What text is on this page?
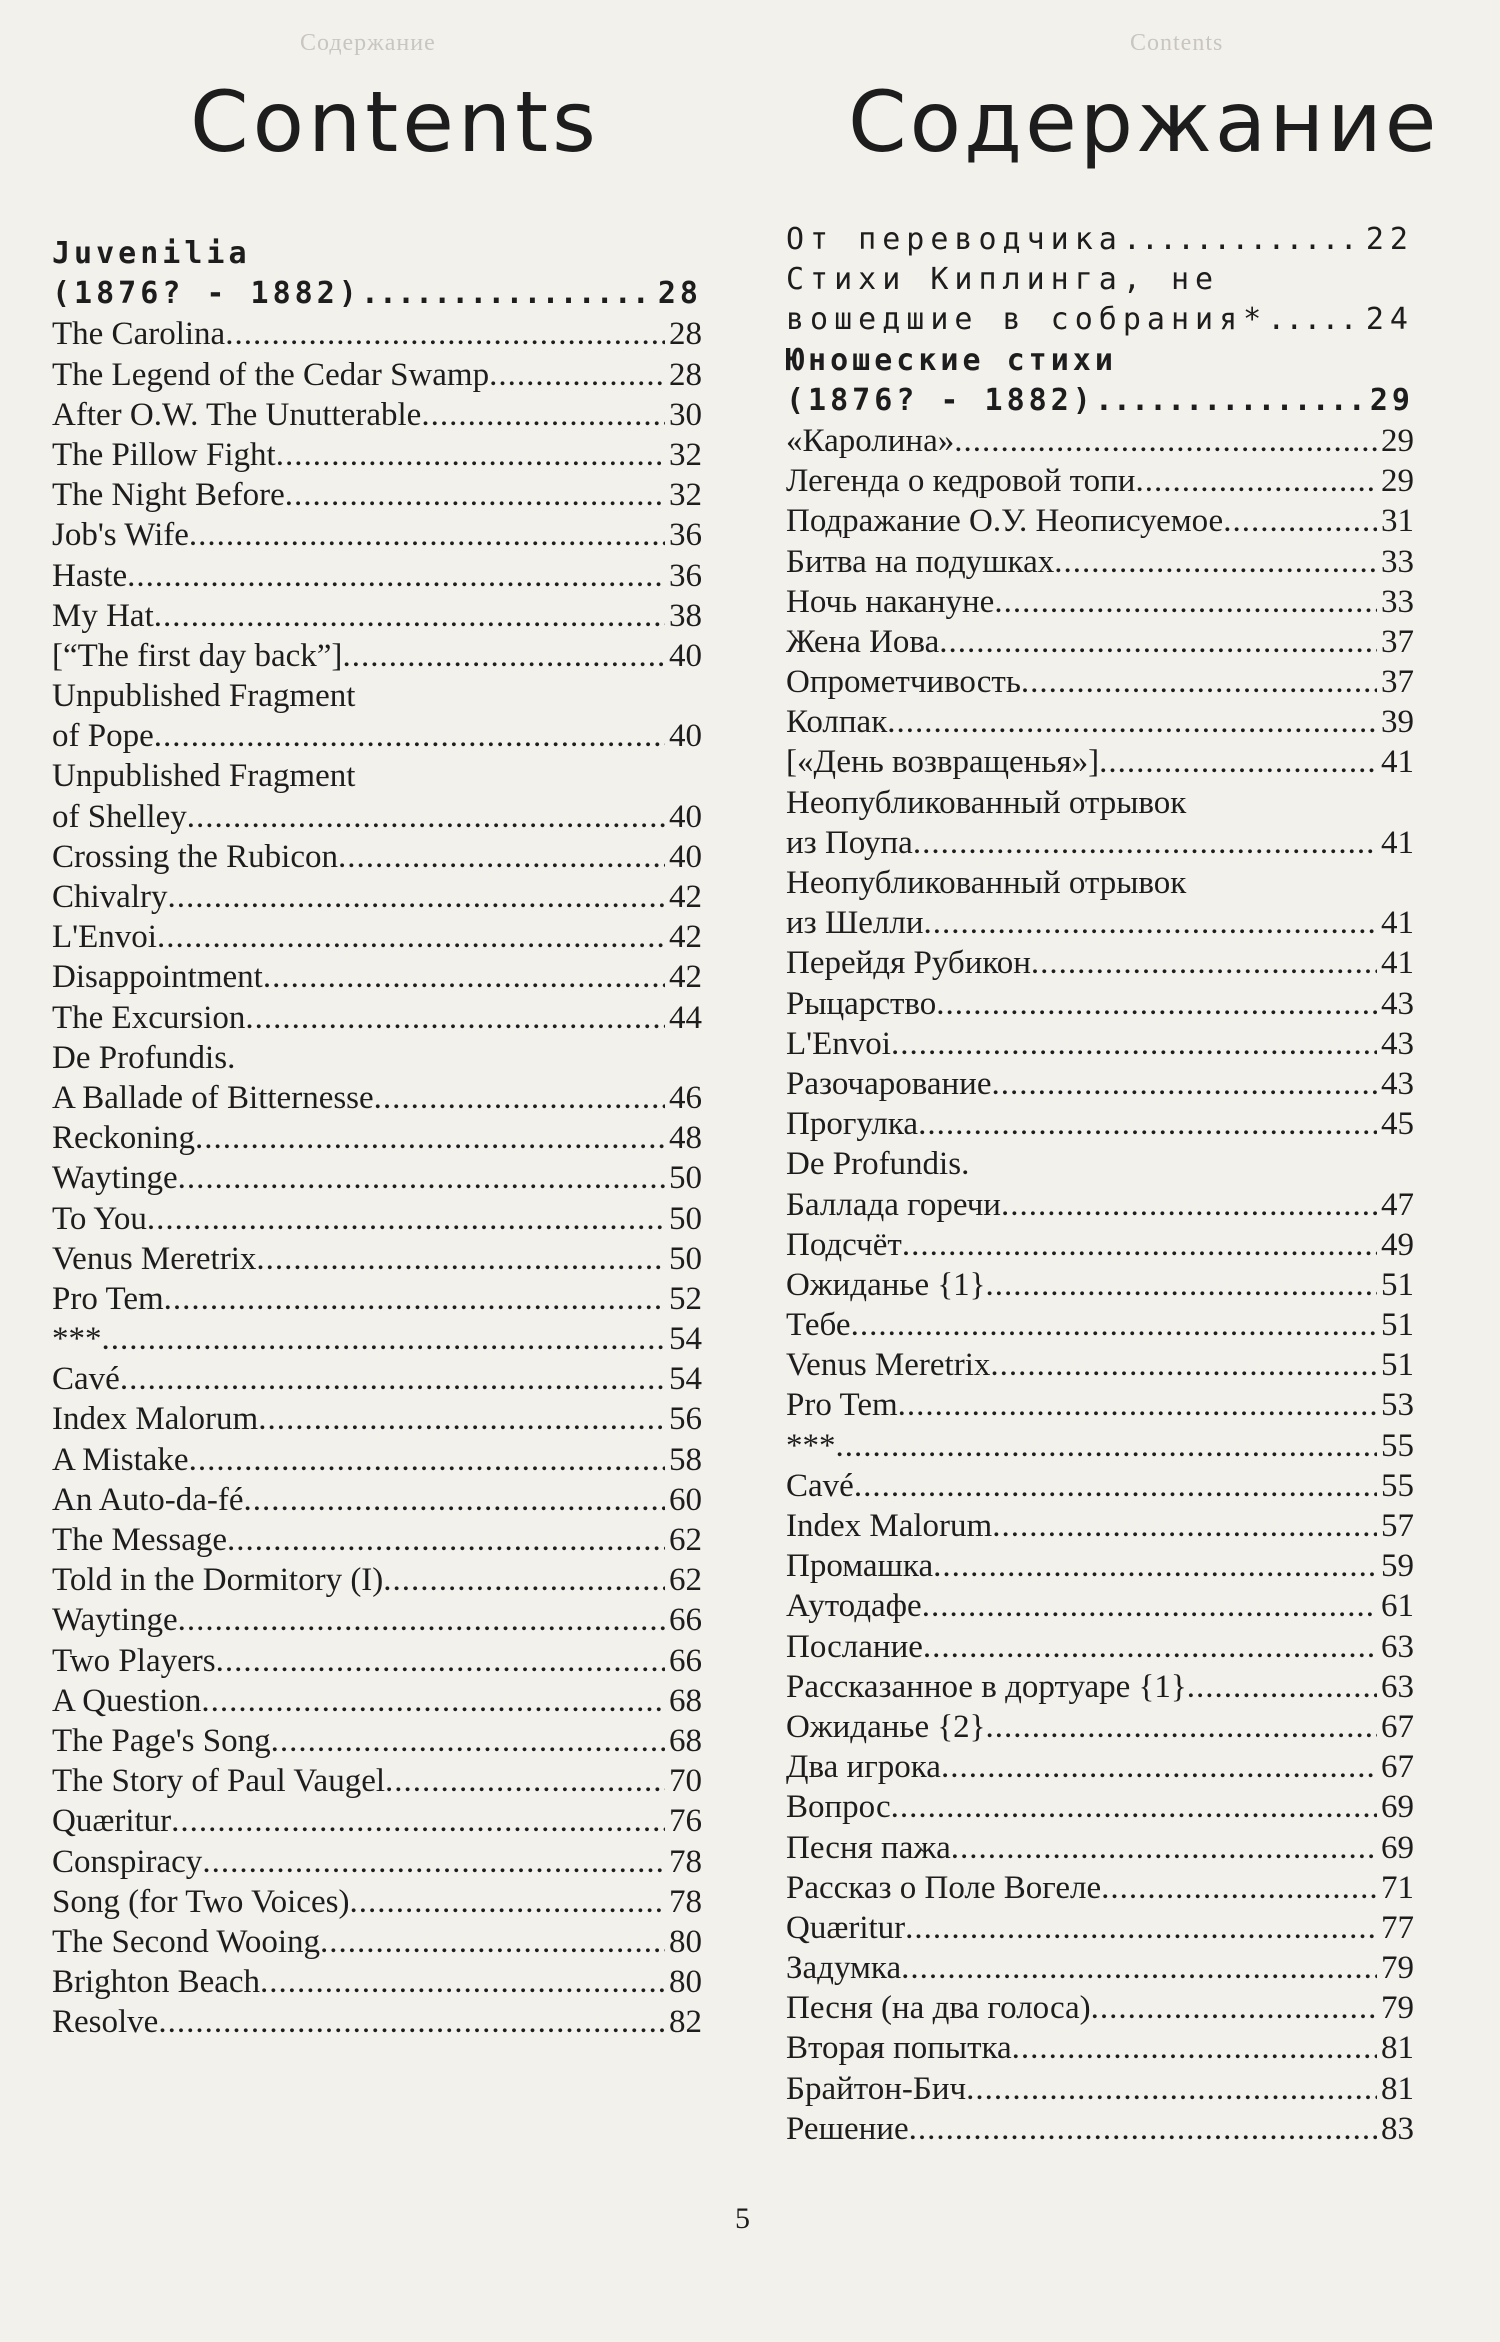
Содержание	Contents
Contents
Juvenilia
(1876? - 1882) .....	28
The Carolina .....	28
The Legend of the Cedar Swamp .....	28
After O.W. The Unutterable .....	30
The Pillow Fight .....	32
The Night Before .....	32
Job's Wife .....	36
Haste .....	36
My Hat .....	38
[“The first day back”] .....	40
Unpublished Fragment
of Pope .....	40
Unpublished Fragment
of Shelley .....	40
Crossing the Rubicon .....	40
Chivalry .....	42
L'Envoi .....	42
Disappointment .....	42
The Excursion .....	44
De Profundis.
A Ballade of Bitternesse .....	46
Reckoning .....	48
Waytinge .....	50
To You .....	50
Venus Meretrix .....	50
Pro Tem .....	52
*** .....	54
Cavé .....	54
Index Malorum .....	56
A Mistake .....	58
An Auto-da-fé .....	60
The Message .....	62
Told in the Dormitory (I) .....	62
Waytinge .....	66
Two Players .....	66
A Question .....	68
The Page's Song .....	68
The Story of Paul Vaugel .....	70
Quæritur .....	76
Conspiracy .....	78
Song (for Two Voices) .....	78
The Second Wooing .....	80
Brighton Beach .....	80
Resolve .....	82
Содержание
От переводчика .....	22
Стихи Киплинга, не
вошедшие в собрания* .....	24
Юношеские стихи
(1876? - 1882) .....	29
«Каролина» .....	29
Легенда о кедровой топи .....	29
Подражание О.У. Неописуемое .....	31
Битва на подушках .....	33
Ночь накануне .....	33
Жена Иова .....	37
Опрометчивость .....	37
Колпак .....	39
[«День возвращенья»] .....	41
Неопубликованный отрывок
из Поупа .....	41
Неопубликованный отрывок
из Шелли .....	41
Перейдя Рубикон .....	41
Рыцарство .....	43
L'Envoi .....	43
Разочарование .....	43
Прогулка .....	45
De Profundis.
Баллада горечи .....	47
Подсчёт .....	49
Ожиданье {1} .....	51
Тебе .....	51
Venus Meretrix .....	51
Pro Tem .....	53
*** .....	55
Cavé .....	55
Index Malorum .....	57
Промашка .....	59
Аутодафе .....	61
Послание .....	63
Рассказанное в дортуаре {1} .....	63
Ожиданье {2} .....	67
Два игрока .....	67
Вопрос .....	69
Песня пажа .....	69
Рассказ о Поле Вогеле .....	71
Quæritur .....	77
Задумка .....	79
Песня (на два голоса) .....	79
Вторая попытка .....	81
Брайтон-Бич .....	81
Решение .....	83
5
